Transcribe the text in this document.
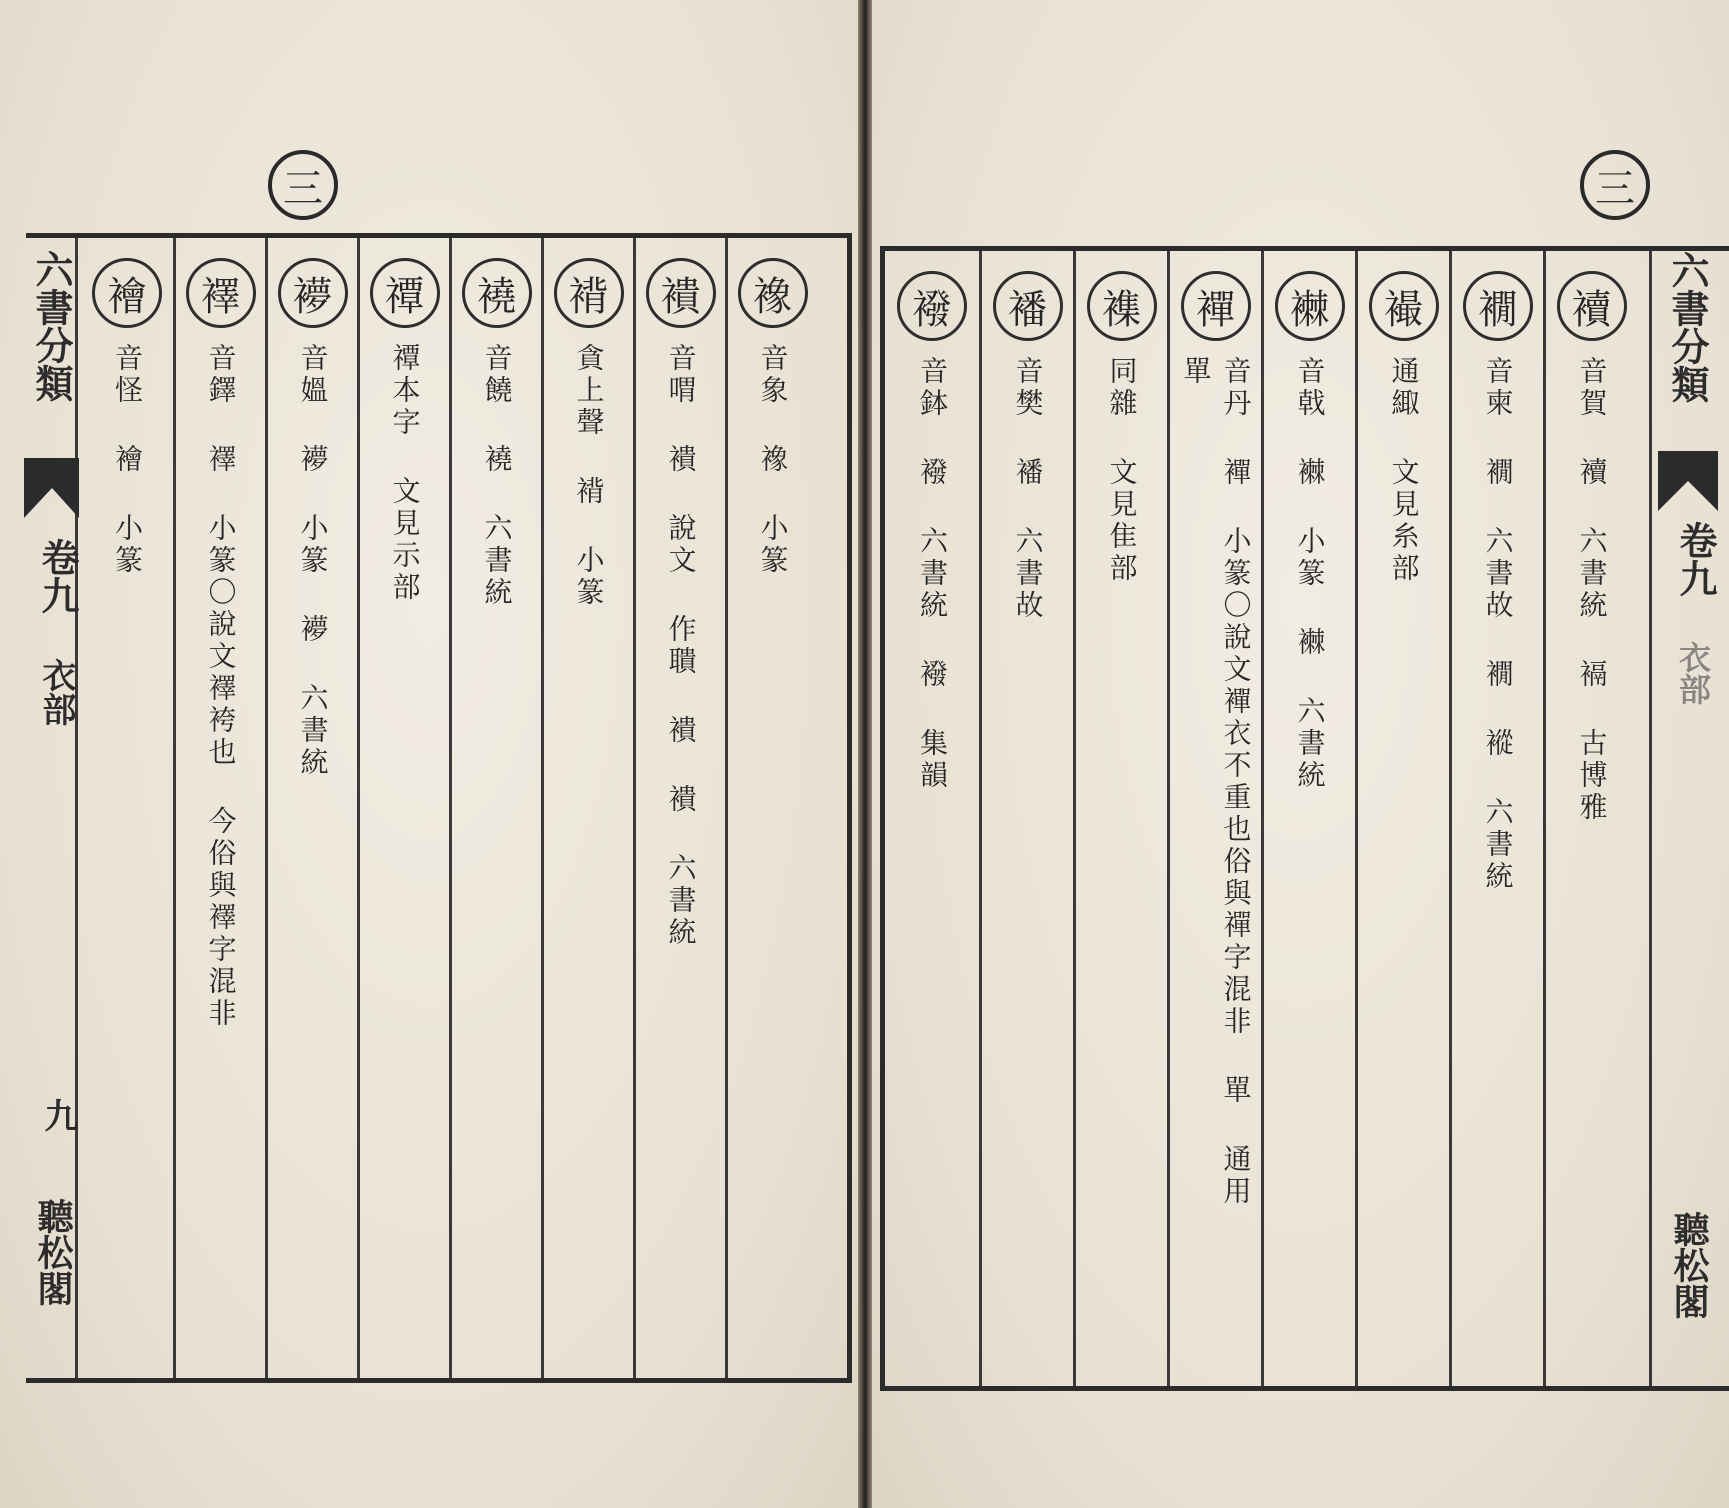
三
六書分類
卷九
衣部
九
聽松閣
襘
音怪 襘 小篆
襗
音鐸 襗 小篆〇說文襗袴也 今俗與襗字混非
䙦
音媼 䙦 小篆 䙦 六書統
禫
禫本字 文見示部
襓
音饒 襓 六書統
褙
貪上聲 褙 小篆
䙡
音喟 䙡 說文 作聵 䙡 䙡 六書統
襐
音象 襐 小篆
三
襏
音鉢 襏 六書統 襏 集韻
襎
音樊 襎 六書故
襍
同雜 文見隹部
襌
音丹 襌 小篆〇說文襌衣不重也俗與禪字混非 單 通用 單
襋
音戟 襋 小篆 襋 六書統
襊
通緅 文見糸部
襉
音柬 襉 六書故 襉 䙕 六書統
襩
音賀 襩 六書統 䙐 古博雅
六書分類
卷九
衣部
聽松閣
